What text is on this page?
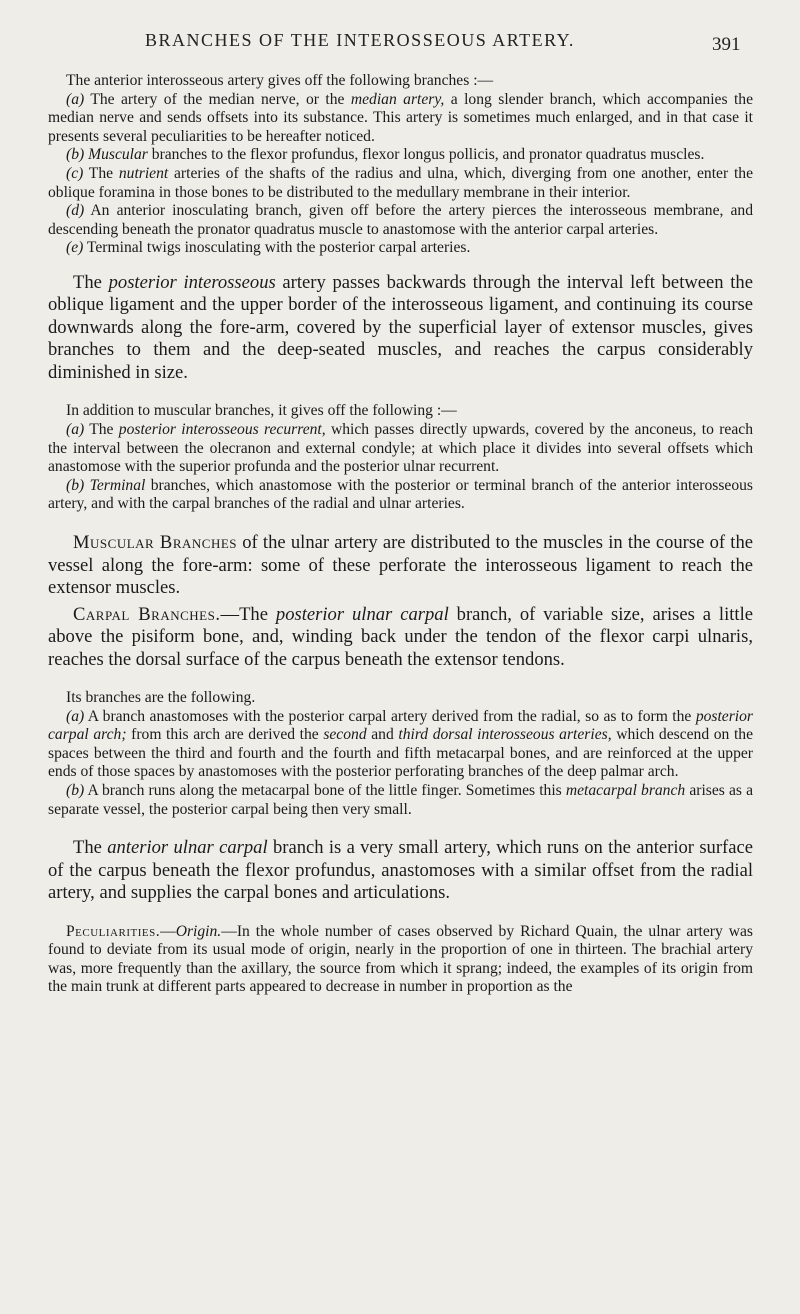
BRANCHES OF THE INTEROSSEOUS ARTERY.	391

The anterior interosseous artery gives off the following branches :—

(a) The artery of the median nerve, or the median artery, a long slender branch, which accompanies the median nerve and sends offsets into its substance. This artery is sometimes much enlarged, and in that case it presents several peculiarities to be hereafter noticed.

(b) Muscular branches to the flexor profundus, flexor longus pollicis, and pronator quadratus muscles.

(c) The nutrient arteries of the shafts of the radius and ulna, which, diverging from one another, enter the oblique foramina in those bones to be distributed to the medullary membrane in their interior.

(d) An anterior inosculating branch, given off before the artery pierces the interosseous membrane, and descending beneath the pronator quadratus muscle to anastomose with the anterior carpal arteries.

(e) Terminal twigs inosculating with the posterior carpal arteries.

The posterior interosseous artery passes backwards through the interval left between the oblique ligament and the upper border of the interosseous ligament, and continuing its course downwards along the fore-arm, covered by the superficial layer of extensor muscles, gives branches to them and the deep-seated muscles, and reaches the carpus considerably diminished in size.

In addition to muscular branches, it gives off the following :—

(a) The posterior interosseous recurrent, which passes directly upwards, covered by the anconeus, to reach the interval between the olecranon and external condyle; at which place it divides into several offsets which anastomose with the superior profunda and the posterior ulnar recurrent.

(b) Terminal branches, which anastomose with the posterior or terminal branch of the anterior interosseous artery, and with the carpal branches of the radial and ulnar arteries.

Muscular Branches of the ulnar artery are distributed to the muscles in the course of the vessel along the fore-arm: some of these perforate the interosseous ligament to reach the extensor muscles.

Carpal Branches.—The posterior ulnar carpal branch, of variable size, arises a little above the pisiform bone, and, winding back under the tendon of the flexor carpi ulnaris, reaches the dorsal surface of the carpus beneath the extensor tendons.

Its branches are the following.

(a) A branch anastomoses with the posterior carpal artery derived from the radial, so as to form the posterior carpal arch; from this arch are derived the second and third dorsal interosseous arteries, which descend on the spaces between the third and fourth and the fourth and fifth metacarpal bones, and are reinforced at the upper ends of those spaces by anastomoses with the posterior perforating branches of the deep palmar arch.

(b) A branch runs along the metacarpal bone of the little finger. Sometimes this metacarpal branch arises as a separate vessel, the posterior carpal being then very small.

The anterior ulnar carpal branch is a very small artery, which runs on the anterior surface of the carpus beneath the flexor profundus, anastomoses with a similar offset from the radial artery, and supplies the carpal bones and articulations.

Peculiarities.—Origin.—In the whole number of cases observed by Richard Quain, the ulnar artery was found to deviate from its usual mode of origin, nearly in the proportion of one in thirteen. The brachial artery was, more frequently than the axillary, the source from which it sprang; indeed, the examples of its origin from the main trunk at different parts appeared to decrease in number in proportion as the
